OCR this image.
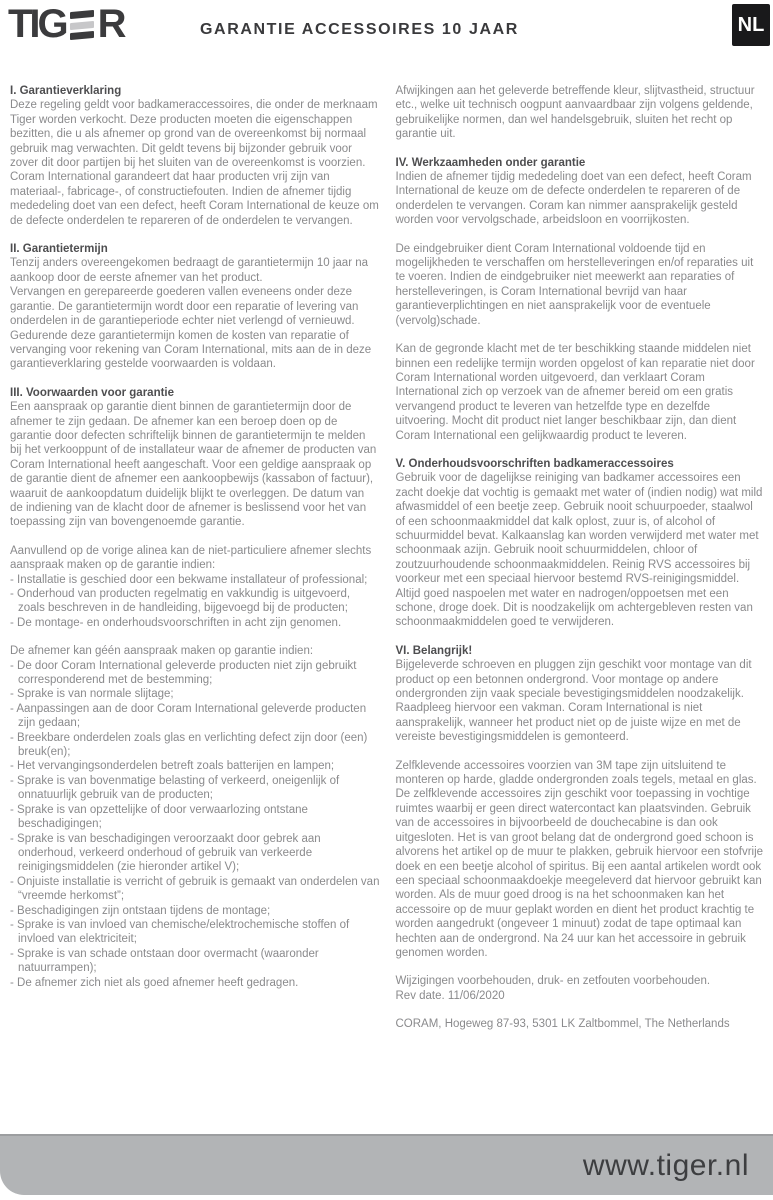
TIG R	GARANTIE ACCESSOIRES 10 JAAR	NL
I. Garantieverklaring

Deze regeling geldt voor badkameraccessoires, die onder de merknaam Tiger worden verkocht. Deze producten moeten die eigenschappen bezitten, die u als afnemer op grond van de overeenkomst bij normaal gebruik mag verwachten. Dit geldt tevens bij bijzonder gebruik voor zover dit door partijen bij het sluiten van de overeenkomst is voorzien. Coram International garandeert dat haar producten vrij zijn van materiaal-, fabricage-, of constructiefouten. Indien de afnemer tijdig mededeling doet van een defect, heeft Coram International de keuze om de defecte onderdelen te repareren of de onderdelen te vervangen.

II. Garantietermijn

Tenzij anders overeengekomen bedraagt de garantietermijn 10 jaar na aankoop door de eerste afnemer van het product.

Vervangen en gerepareerde goederen vallen eveneens onder deze garantie. De garantietermijn wordt door een reparatie of levering van onderdelen in de garantieperiode echter niet verlengd of vernieuwd.

Gedurende deze garantietermijn komen de kosten van reparatie of vervanging voor rekening van Coram International, mits aan de in deze garantieverklaring gestelde voorwaarden is voldaan.

III. Voorwaarden voor garantie

Een aanspraak op garantie dient binnen de garantietermijn door de afnemer te zijn gedaan. De afnemer kan een beroep doen op de garantie door defecten schriftelijk binnen de garantietermijn te melden bij het verkooppunt of de installateur waar de afnemer de producten van Coram International heeft aangeschaft. Voor een geldige aanspraak op de garantie dient de afnemer een aankoopbewijs (kassabon of factuur), waaruit de aankoopdatum duidelijk blijkt te overleggen. De datum van de indiening van de klacht door de afnemer is beslissend voor het van toepassing zijn van bovengenoemde garantie.

Aanvullend op de vorige alinea kan de niet-particuliere afnemer slechts aanspraak maken op de garantie indien:

- Installatie is geschied door een bekwame installateur of professional;

- Onderhoud van producten regelmatig en vakkundig is uitgevoerd, zoals beschreven in de handleiding, bijgevoegd bij de producten;

- De montage- en onderhoudsvoorschriften in acht zijn genomen.

De afnemer kan géén aanspraak maken op garantie indien:

- De door Coram International geleverde producten niet zijn gebruikt corresponderend met de bestemming;

- Sprake is van normale slijtage;

- Aanpassingen aan de door Coram International geleverde producten zijn gedaan;

- Breekbare onderdelen zoals glas en verlichting defect zijn door (een) breuk(en);

- Het vervangingsonderdelen betreft zoals batterijen en lampen;

- Sprake is van bovenmatige belasting of verkeerd, oneigenlijk of onnatuurlijk gebruik van de producten;

- Sprake is van opzettelijke of door verwaarlozing ontstane beschadigingen;

- Sprake is van beschadigingen veroorzaakt door gebrek aan onderhoud, verkeerd onderhoud of gebruik van verkeerde reinigingsmiddelen (zie hieronder artikel V);

- Onjuiste installatie is verricht of gebruik is gemaakt van onderdelen van “vreemde herkomst”;

- Beschadigingen zijn ontstaan tijdens de montage;

- Sprake is van invloed van chemische/elektrochemische stoffen of invloed van elektriciteit;

- Sprake is van schade ontstaan door overmacht (waaronder natuurrampen);

- De afnemer zich niet als goed afnemer heeft gedragen.

Afwijkingen aan het geleverde betreffende kleur, slijtvastheid, structuur etc., welke uit technisch oogpunt aanvaardbaar zijn volgens geldende, gebruikelijke normen, dan wel handelsgebruik, sluiten het recht op garantie uit.

IV. Werkzaamheden onder garantie

Indien de afnemer tijdig mededeling doet van een defect, heeft Coram International de keuze om de defecte onderdelen te repareren of de onderdelen te vervangen. Coram kan nimmer aansprakelijk gesteld worden voor vervolgschade, arbeidsloon en voorrijkosten.

De eindgebruiker dient Coram International voldoende tijd en mogelijkheden te verschaffen om herstelleveringen en/of reparaties uit te voeren. Indien de eindgebruiker niet meewerkt aan reparaties of herstelleveringen, is Coram International bevrijd van haar garantieverplichtingen en niet aansprakelijk voor de eventuele (vervolg)schade.

Kan de gegronde klacht met de ter beschikking staande middelen niet binnen een redelijke termijn worden opgelost of kan reparatie niet door Coram International worden uitgevoerd, dan verklaart Coram International zich op verzoek van de afnemer bereid om een gratis vervangend product te leveren van hetzelfde type en dezelfde uitvoering. Mocht dit product niet langer beschikbaar zijn, dan dient Coram International een gelijkwaardig product te leveren.

V. Onderhoudsvoorschriften badkameraccessoires

Gebruik voor de dagelijkse reiniging van badkamer accessoires een zacht doekje dat vochtig is gemaakt met water of (indien nodig) wat mild afwasmiddel of een beetje zeep. Gebruik nooit schuurpoeder, staalwol of een schoonmaakmiddel dat kalk oplost, zuur is, of alcohol of schuurmiddel bevat. Kalkaanslag kan worden verwijderd met water met schoonmaak azijn. Gebruik nooit schuurmiddelen, chloor of zoutzuurhoudende schoonmaakmiddelen. Reinig RVS accessoires bij voorkeur met een speciaal hiervoor bestemd RVS-reinigingsmiddel. Altijd goed naspoelen met water en nadrogen/oppoetsen met een schone, droge doek. Dit is noodzakelijk om achtergebleven resten van schoonmaakmiddelen goed te verwijderen.

VI. Belangrijk!

Bijgeleverde schroeven en pluggen zijn geschikt voor montage van dit product op een betonnen ondergrond. Voor montage op andere ondergronden zijn vaak speciale bevestigingsmiddelen noodzakelijk. Raadpleeg hiervoor een vakman. Coram International is niet aansprakelijk, wanneer het product niet op de juiste wijze en met de vereiste bevestigingsmiddelen is gemonteerd.

Zelfklevende accessoires voorzien van 3M tape zijn uitsluitend te monteren op harde, gladde ondergronden zoals tegels, metaal en glas. De zelfklevende accessoires zijn geschikt voor toepassing in vochtige ruimtes waarbij er geen direct watercontact kan plaatsvinden. Gebruik van de accessoires in bijvoorbeeld de douchecabine is dan ook uitgesloten. Het is van groot belang dat de ondergrond goed schoon is alvorens het artikel op de muur te plakken, gebruik hiervoor een stofvrije doek en een beetje alcohol of spiritus. Bij een aantal artikelen wordt ook een speciaal schoonmaakdoekje meegeleverd dat hiervoor gebruikt kan worden. Als de muur goed droog is na het schoonmaken kan het accessoire op de muur geplakt worden en dient het product krachtig te worden aangedrukt (ongeveer 1 minuut) zodat de tape optimaal kan hechten aan de ondergrond. Na 24 uur kan het accessoire in gebruik genomen worden.

Wijzigingen voorbehouden, druk- en zetfouten voorbehouden.

Rev date. 11/06/2020

CORAM, Hogeweg 87-93, 5301 LK Zaltbommel, The Netherlands

www.tiger.nl
